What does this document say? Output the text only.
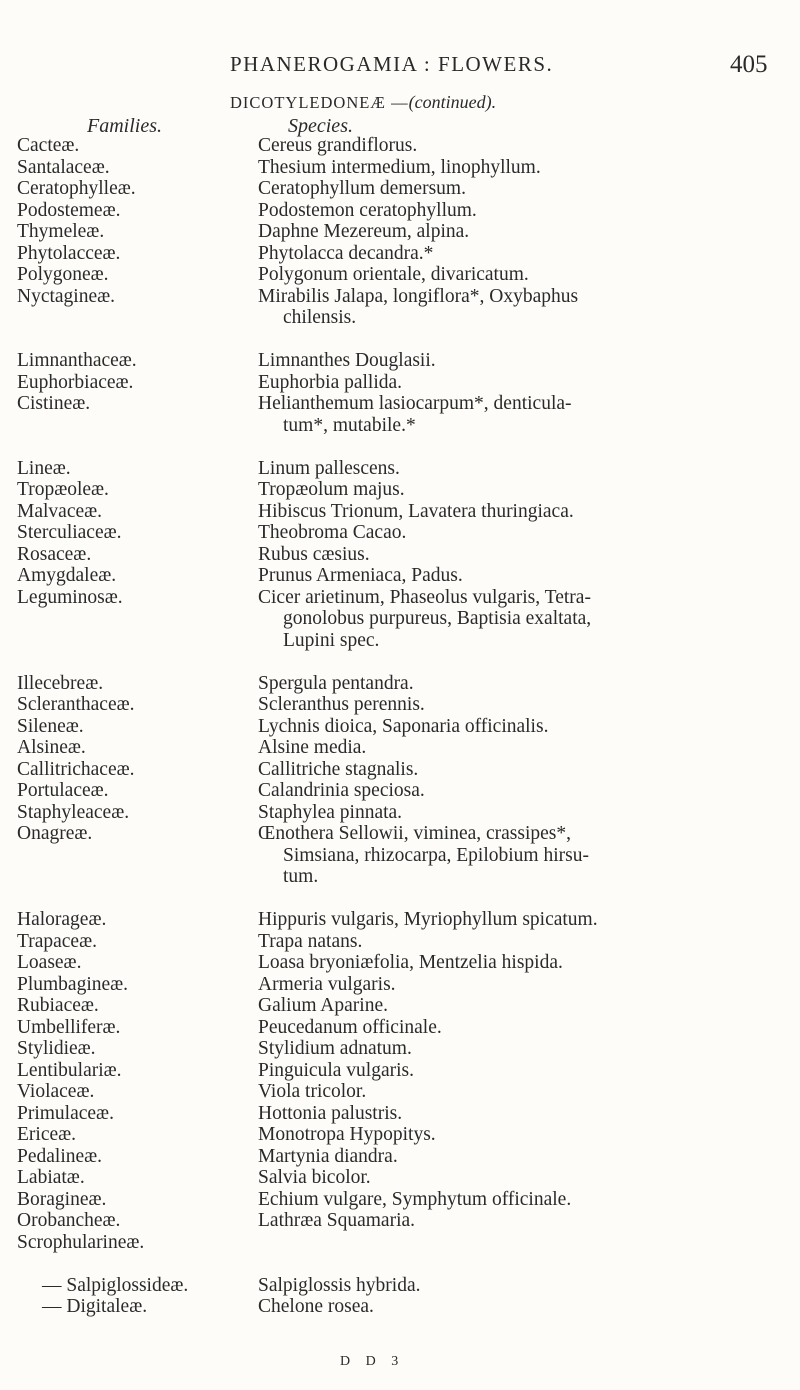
PHANEROGAMIA : FLOWERS.	405
DICOTYLEDONEÆ —(continued).
Families.	Species.
Cacteæ.
Santalaceæ.
Ceratophylleæ.
Podostemeæ.
Thymeleæ.
Phytolacceæ.
Polygoneæ.
Nyctagineæ.
Limnanthaceæ.
Euphorbiaceæ.
Cistineæ.
Lineæ.
Tropæoleæ.
Malvaceæ.
Sterculiaceæ.
Rosaceæ.
Amygdaleæ.
Leguminosæ.
Illecebreæ.
Scleranthaceæ.
Sileneæ.
Alsineæ.
Callitrichaceæ.
Portulaceæ.
Staphyleaceæ.
Onagreæ.
Halorageæ.
Trapaceæ.
Loaseæ.
Plumbagineæ.
Rubiaceæ.
Umbelliferæ.
Stylidieæ.
Lentibulariæ.
Violaceæ.
Primulaceæ.
Ericeæ.
Pedalineæ.
Labiatæ.
Boragineæ.
Orobancheæ.
Scrophularineæ.
— Salpiglossideæ.
— Digitaleæ.
Cereus grandiflorus.
Thesium intermedium, linophyllum.
Ceratophyllum demersum.
Podostemon ceratophyllum.
Daphne Mezereum, alpina.
Phytolacca decandra.*
Polygonum orientale, divaricatum.
Mirabilis Jalapa, longiflora*, Oxybaphus
chilensis.
Limnanthes Douglasii.
Euphorbia pallida.
Helianthemum lasiocarpum*, denticula-
tum*, mutabile.*
Linum pallescens.
Tropæolum majus.
Hibiscus Trionum, Lavatera thuringiaca.
Theobroma Cacao.
Rubus cæsius.
Prunus Armeniaca, Padus.
Cicer arietinum, Phaseolus vulgaris, Tetra-
gonolobus purpureus, Baptisia exaltata,
Lupini spec.
Spergula pentandra.
Scleranthus perennis.
Lychnis dioica, Saponaria officinalis.
Alsine media.
Callitriche stagnalis.
Calandrinia speciosa.
Staphylea pinnata.
Œnothera Sellowii, viminea, crassipes*,
Simsiana, rhizocarpa, Epilobium hirsu-
tum.
Hippuris vulgaris, Myriophyllum spicatum.
Trapa natans.
Loasa bryoniæfolia, Mentzelia hispida.
Armeria vulgaris.
Galium Aparine.
Peucedanum officinale.
Stylidium adnatum.
Pinguicula vulgaris.
Viola tricolor.
Hottonia palustris.
Monotropa Hypopitys.
Martynia diandra.
Salvia bicolor.
Echium vulgare, Symphytum officinale.
Lathræa Squamaria.
Salpiglossis hybrida.
Chelone rosea.
D D 3
